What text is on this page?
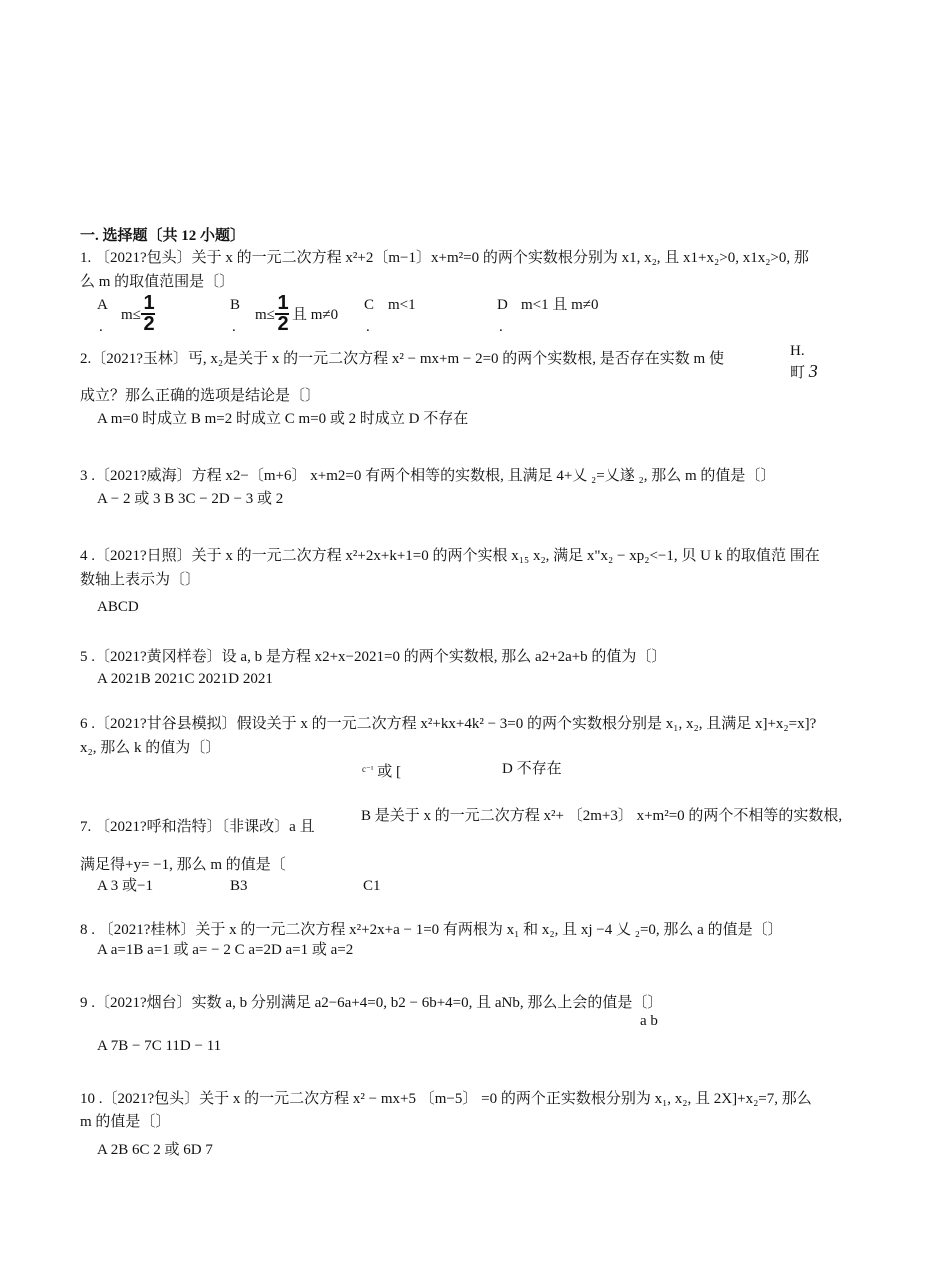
一. 选择题〔共 12 小题〕
1. 〔2021?包头〕关于 x 的一元二次方程 x²+2〔m−1〕x+m²=0 的两个实数根分别为 x1, x₂, 且 x1+x₂>0, x1x₂>0, 那
么 m 的取值范围是〔〕
A
.
m≤
1
2
B
.
m≤
1
2 且 m≠0
C
.
m<1	D
.
m<1 且 m≠0
2.〔2021?玉林〕丐, x₂是关于 x 的一元二次方程 x² − mx+m − 2=0 的两个实数根, 是否存在实数 m 使	H.
町 3
成立？那么正确的选项是结论是〔〕
A m=0 时成立 B m=2 时成立 C m=0 或 2 时成立 D 不存在
3 .〔2021?威海〕方程 x2−〔m+6〕 x+m2=0 有两个相等的实数根, 且满足 4+乂 ₂=乂遂 ₂, 那么 m 的值是〔〕
A − 2 或 3 B 3C − 2D − 3 或 2
4 .〔2021?日照〕关于 x 的一元二次方程 x²+2x+k+1=0 的两个实根 x₁₅ x₂, 满足 x"x₂ − xp₂<−1, 贝 U k 的取值范 围在
数轴上表示为〔〕
ABCD
5 .〔2021?黄冈样卷〕设 a, b 是方程 x2+x−2021=0 的两个实数根, 那么 a2+2a+b 的值为〔〕
A 2021B 2021C 2021D 2021
6 .〔2021?甘谷县模拟〕假设关于 x 的一元二次方程 x²+kx+4k² − 3=0 的两个实数根分别是 x₁, x₂, 且满足 x]+x₂=x]?
x₂, 那么 k 的值为〔〕
$^{c^{-1}}$ 或 [	D 不存在
B 是关于 x 的一元二次方程 x²+ 〔2m+3〕 x+m²=0 的两个不相等的实数根,
7. 〔2021?呼和浩特〕〔非课改〕a 且
满足得+y= −1, 那么 m 的值是〔
A 3 或−1	B3	C1
8 . 〔2021?桂林〕关于 x 的一元二次方程 x²+2x+a − 1=0 有两根为 x₁ 和 x₂, 且 xj −4 乂 ₂=0, 那么 a 的值是〔〕
A a=1B a=1 或 a= − 2 C a=2D a=1 或 a=2
9 .〔2021?烟台〕实数 a, b 分别满足 a2−6a+4=0, b2 − 6b+4=0, 且 aNb, 那么上会的值是〔〕
a b
A 7B − 7C 11D − 11
10 .〔2021?包头〕关于 x 的一元二次方程 x² − mx+5 〔m−5〕 =0 的两个正实数根分别为 x₁, x₂, 且 2X]+x₂=7, 那么
m 的值是〔〕
A 2B 6C 2 或 6D 7
